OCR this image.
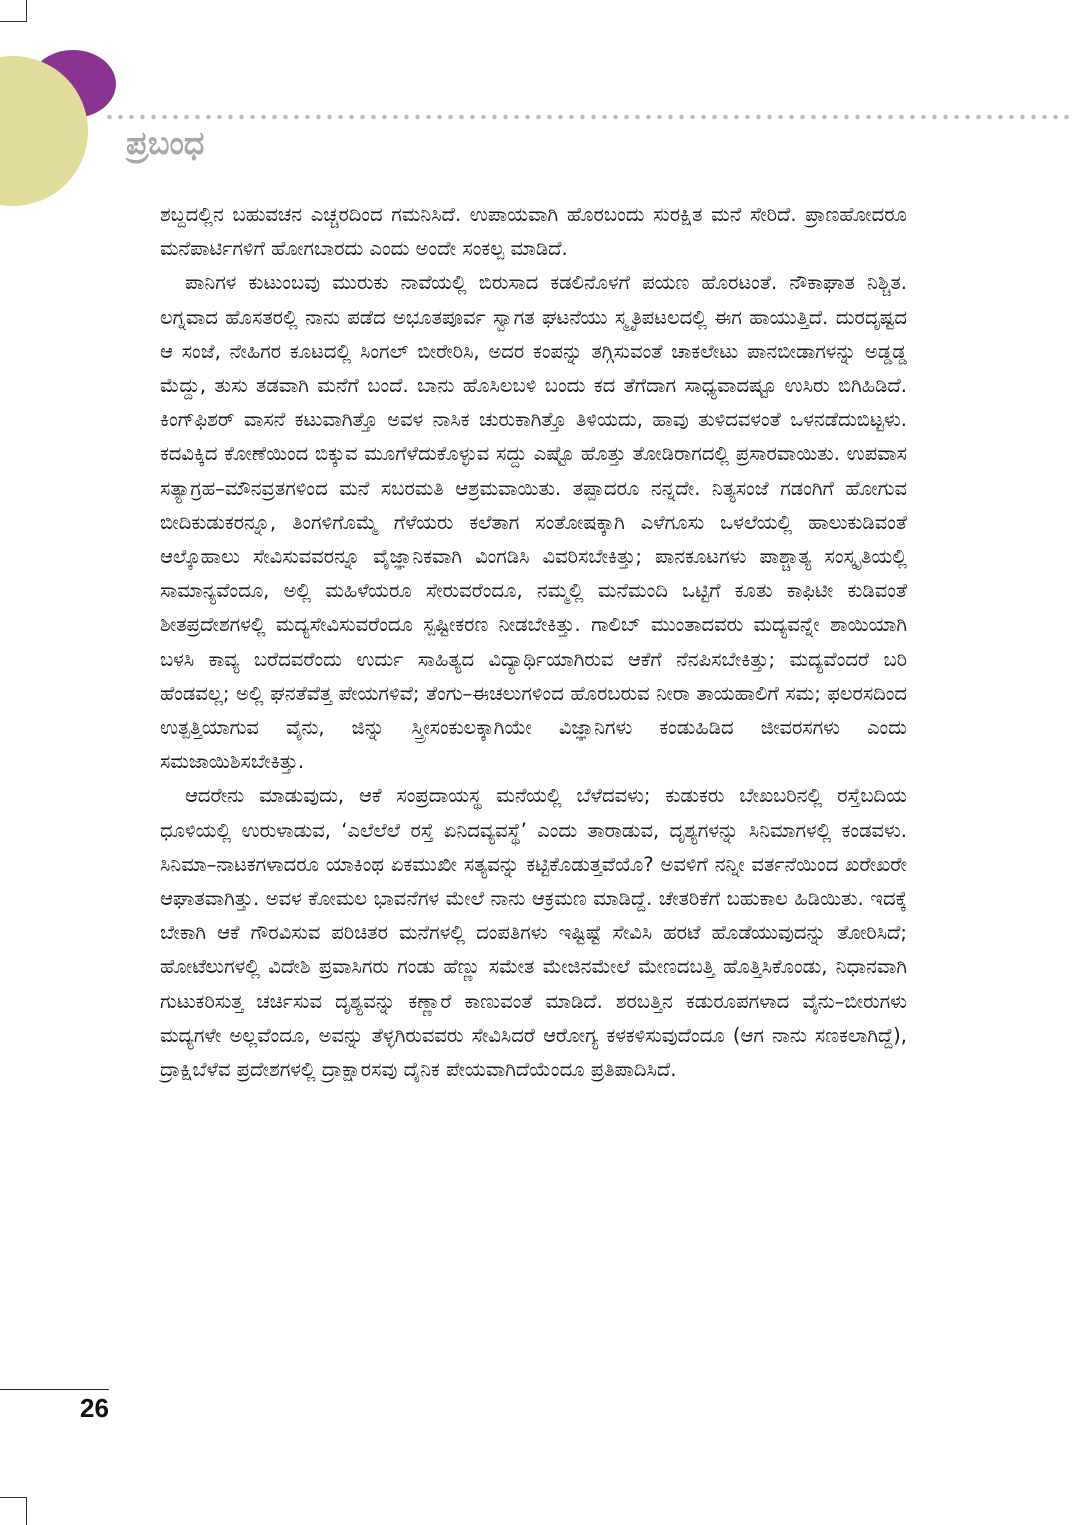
ಪ್ರಬಂಧ

ಶಬ್ದದಲ್ಲಿನ ಬಹುವಚನ ಎಚ್ಚರದಿಂದ ಗಮನಿಸಿದೆ. ಉಪಾಯವಾಗಿ ಹೊರಬಂದು ಸುರಕ್ಷಿತ ಮನೆ ಸೇರಿದೆ. ಪ್ರಾಣಹೋದರೂ ಮನೆಪಾರ್ಟಿಗಳಿಗೆ ಹೋಗಬಾರದು ಎಂದು ಅಂದೇ ಸಂಕಲ್ಪ ಮಾಡಿದೆ.

ಪಾನಿಗಳ ಕುಟುಂಬವು ಮುರುಕು ನಾವೆಯಲ್ಲಿ ಬಿರುಸಾದ ಕಡಲಿನೊಳಗೆ ಪಯಣ ಹೊರಟಂತೆ. ನೌಕಾಘಾತ ನಿಶ್ಚಿತ. ಲಗ್ನವಾದ ಹೊಸತರಲ್ಲಿ ನಾನು ಪಡೆದ ಅಭೂತಪೂರ್ವ ಸ್ವಾಗತ ಘಟನೆಯು ಸ್ಮೃತಿಪಟಲದಲ್ಲಿ ಈಗ ಹಾಯುತ್ತಿದೆ. ದುರದೃಷ್ಟದ ಆ ಸಂಜೆ, ನೇಹಿಗರ ಕೂಟದಲ್ಲಿ ಸಿಂಗಲ್ ಬೀರೇರಿಸಿ, ಅದರ ಕಂಪನ್ನು ತಗ್ಗಿಸುವಂತೆ ಚಾಕಲೇಟು ಪಾನಬೀಡಾಗಳನ್ನು ಅಡ್ಡಡ್ಡ ಮೆದ್ದು, ತುಸು ತಡವಾಗಿ ಮನೆಗೆ ಬಂದೆ. ಬಾನು ಹೊಸಿಲಬಳಿ ಬಂದು ಕದ ತೆಗೆದಾಗ ಸಾಧ್ಯವಾದಷ್ಟೂ ಉಸಿರು ಬಿಗಿಹಿಡಿದೆ. ಕಿಂಗ್‌ಫಿಶರ್ ವಾಸನೆ ಕಟುವಾಗಿತ್ತೊ ಅವಳ ನಾಸಿಕ ಚುರುಕಾಗಿತ್ತೊ ತಿಳಿಯದು, ಹಾವು ತುಳಿದವಳಂತೆ ಒಳನಡೆದುಬಿಟ್ಟಳು. ಕದವಿಕ್ಕಿದ ಕೋಣೆಯಿಂದ ಬಿಕ್ಕುವ ಮೂಗೆಳೆದುಕೊಳ್ಳುವ ಸದ್ದು ಎಷ್ಟೊ ಹೊತ್ತು ತೋಡಿರಾಗದಲ್ಲಿ ಪ್ರಸಾರವಾಯಿತು. ಉಪವಾಸ ಸತ್ಯಾಗ್ರಹ–ಮೌನವ್ರತಗಳಿಂದ ಮನೆ ಸಬರಮತಿ ಆಶ್ರಮವಾಯಿತು. ತಪ್ಪಾದರೂ ನನ್ನದೇ. ನಿತ್ಯಸಂಜೆ ಗಡಂಗಿಗೆ ಹೋಗುವ ಬೀದಿಕುಡುಕರನ್ನೂ, ತಿಂಗಳಿಗೊಮ್ಮೆ ಗೆಳೆಯರು ಕಲೆತಾಗ ಸಂತೋಷಕ್ಕಾಗಿ ಎಳೆಗೂಸು ಒಳಲೆಯಲ್ಲಿ ಹಾಲುಕುಡಿವಂತೆ ಆಲ್ಕೊಹಾಲು ಸೇವಿಸುವವರನ್ನೂ ವೈಜ್ಞಾನಿಕವಾಗಿ ವಿಂಗಡಿಸಿ ವಿವರಿಸಬೇಕಿತ್ತು; ಪಾನಕೂಟಗಳು ಪಾಶ್ಚಾತ್ಯ ಸಂಸ್ಕೃತಿಯಲ್ಲಿ ಸಾಮಾನ್ಯವೆಂದೂ, ಅಲ್ಲಿ ಮಹಿಳೆಯರೂ ಸೇರುವರೆಂದೂ, ನಮ್ಮಲ್ಲಿ ಮನೆಮಂದಿ ಒಟ್ಟಿಗೆ ಕೂತು ಕಾಫಿಟೀ ಕುಡಿವಂತೆ ಶೀತಪ್ರದೇಶಗಳಲ್ಲಿ ಮದ್ಯಸೇವಿಸುವರೆಂದೂ ಸ್ಪಷ್ಟೀಕರಣ ನೀಡಬೇಕಿತ್ತು. ಗಾಲಿಬ್ ಮುಂತಾದವರು ಮದ್ಯವನ್ನೇ ಶಾಯಿಯಾಗಿ ಬಳಸಿ ಕಾವ್ಯ ಬರೆದವರೆಂದು ಉರ್ದು ಸಾಹಿತ್ಯದ ವಿದ್ಯಾರ್ಥಿಯಾಗಿರುವ ಆಕೆಗೆ ನೆನಪಿಸಬೇಕಿತ್ತು; ಮದ್ಯವೆಂದರೆ ಬರಿ ಹೆಂಡವಲ್ಲ; ಅಲ್ಲಿ ಘನತೆವೆತ್ತ ಪೇಯಗಳಿವೆ; ತೆಂಗು–ಈಚಲುಗಳಿಂದ ಹೊರಬರುವ ನೀರಾ ತಾಯಹಾಲಿಗೆ ಸಮ; ಫಲರಸದಿಂದ ಉತ್ಪತ್ತಿಯಾಗುವ ವೈನು, ಜಿನ್ನು ಸ್ತ್ರೀಸಂಕುಲಕ್ಕಾಗಿಯೇ ವಿಜ್ಞಾನಿಗಳು ಕಂಡುಹಿಡಿದ ಜೀವರಸಗಳು ಎಂದು ಸಮಜಾಯಿಶಿಸಬೇಕಿತ್ತು.

ಆದರೇನು ಮಾಡುವುದು, ಆಕೆ ಸಂಪ್ರದಾಯಸ್ಥ ಮನೆಯಲ್ಲಿ ಬೆಳೆದವಳು; ಕುಡುಕರು ಬೇಖಬರಿನಲ್ಲಿ ರಸ್ತೆಬದಿಯ ಧೂಳಿಯಲ್ಲಿ ಉರುಳಾಡುವ, ‘ಎಲೆಲೆಲೆ ರಸ್ತೆ ಏನಿದವ್ಯವಸ್ಥೆ’ ಎಂದು ತಾರಾಡುವ, ದೃಶ್ಯಗಳನ್ನು ಸಿನಿಮಾಗಳಲ್ಲಿ ಕಂಡವಳು. ಸಿನಿಮಾ–ನಾಟಕಗಳಾದರೂ ಯಾಕಿಂಥ ಏಕಮುಖೀ ಸತ್ಯವನ್ನು ಕಟ್ಟಿಕೊಡುತ್ತವೆಯೊ? ಅವಳಿಗೆ ನನ್ನೀ ವರ್ತನೆಯಿಂದ ಖರೇಖರೇ ಆಘಾತವಾಗಿತ್ತು. ಅವಳ ಕೋಮಲ ಭಾವನೆಗಳ ಮೇಲೆ ನಾನು ಆಕ್ರಮಣ ಮಾಡಿದ್ದೆ. ಚೇತರಿಕೆಗೆ ಬಹುಕಾಲ ಹಿಡಿಯಿತು. ಇದಕ್ಕೆ ಬೇಕಾಗಿ ಆಕೆ ಗೌರವಿಸುವ ಪರಿಚಿತರ ಮನೆಗಳಲ್ಲಿ ದಂಪತಿಗಳು ಇಷ್ಟಿಷ್ಟೆ ಸೇವಿಸಿ ಹರಟೆ ಹೊಡೆಯುವುದನ್ನು ತೋರಿಸಿದೆ; ಹೋಟೆಲುಗಳಲ್ಲಿ ವಿದೇಶಿ ಪ್ರವಾಸಿಗರು ಗಂಡು ಹೆಣ್ಣು ಸಮೇತ ಮೇಜಿನಮೇಲೆ ಮೇಣದಬತ್ತಿ ಹೊತ್ತಿಸಿಕೊಂಡು, ನಿಧಾನವಾಗಿ ಗುಟುಕರಿಸುತ್ತ ಚರ್ಚಿಸುವ ದೃಶ್ಯವನ್ನು ಕಣ್ಣಾರೆ ಕಾಣುವಂತೆ ಮಾಡಿದೆ. ಶರಬತ್ತಿನ ಕಡುರೂಪಗಳಾದ ವೈನು–ಬೀರುಗಳು ಮದ್ಯಗಳೇ ಅಲ್ಲವೆಂದೂ, ಅವನ್ನು ತೆಳ್ಳಗಿರುವವರು ಸೇವಿಸಿದರೆ ಆರೋಗ್ಯ ಕಳಕಳಿಸುವುದೆಂದೂ (ಆಗ ನಾನು ಸಣಕಲಾಗಿದ್ದೆ), ದ್ರಾಕ್ಷಿಬೆಳೆವ ಪ್ರದೇಶಗಳಲ್ಲಿ ದ್ರಾಕ್ಷಾರಸವು ದೈನಿಕ ಪೇಯವಾಗಿದೆಯೆಂದೂ ಪ್ರತಿಪಾದಿಸಿದೆ.

26
